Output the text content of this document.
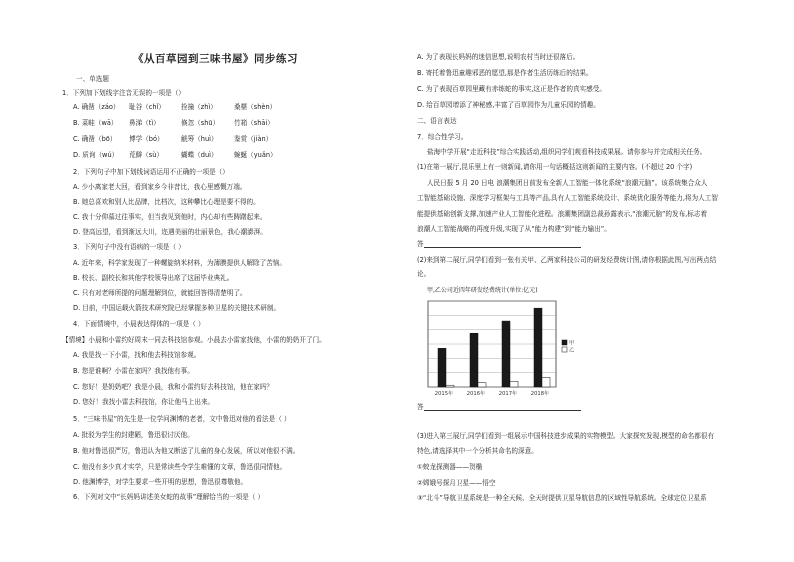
《从百草园到三味书屋》同步练习
一、单选题
1．下列加下划线字注音无误的一项是（）
A. 确凿（záo） 耻谷（chǐ） 拴撞（zhì）	桑椹（shèn）
B. 菜畦（wā） 鼻涕（tì）	倏忽（shū） 竹箱（shāi）
C. 确凿（bō） 博学（bó）	觥筹（huì） 鉴赏（jiàn）
D. 质询（wú） 荒僻（sù）	蝴蝶（duì） 蜿蜒（yuǎn）
2．下列句子中加下划线词语运用不正确的一项是（）
A. 少小离家老大回，看到家乡今非昔比，我心里感慨万端。
B. 她总喜欢和别人比品牌，比档次，这种攀比心理是要不得的。
C. 我十分仰慕过往事实，但当我见到他时，内心却有些踌躇起来。
D. 登高远望，看到渐远大川，迩遇美丽的壮丽景色，我心潮澎湃。
3．下列句子中没有语病的一项是（ ）
A. 近年来，科学家发现了一种螺旋纳米材料，为薄膜提供人解除了苦恼。
B. 校长、副校长和其他学校领导出席了这届毕业典礼。
C. 只有对老师所提的问题理解到位，就能回答得清楚明了。
D. 目前，中国运载火箭技术研究院已经掌握多种卫星的关键技术研制。
4．下面情境中，小晨表达得体的一项是（ ）
【情境】小晨和小雷约好周末一同去科技馆参观。小晨去小雷家找他，小雷的奶奶开了门。
A. 我是找一下小雷，找和他去科技馆参观。
B. 您是谁啊？小雷在家吗？我找他有事。
C. 您好！是奶奶吧？我是小晨，我和小雷约好去科技馆，他在家吗？
D. 您好！我找小雷去科技馆，你让他马上出来。
5．“三味书屋”的先生是一位学问渊博的老者，文中鲁迅对他的看法是（ ）
A. 批驳为学生的封建陋，鲁迅很讨厌他。
B. 他对鲁迅很严厉，鲁迅认为他又断送了儿童的身心发展，所以对他很不满。
C. 他没有多少真才实学，只是常读些令学生难懂的文章，鲁迅很同情他。
D. 他渊博学，对学生要求一些开明的思想，鲁迅很尊敬他。
6．下列对文中“长妈妈讲述美女蛇的故事”理解恰当的一项是（ ）
A. 为了表现长妈妈的迷信思想,说明农村当时还很落后。
B. 寄托着鲁迅童趣邪恶的愿望,那是作者生活历练后的结果。
C. 为了表现百草园里藏有赤练蛇的事实,这正是作者的真实感受。
D. 给百草园增添了神秘感,丰富了百草园作为儿童乐园的情趣。
二、语言表达
7．综合性学习。
盐海中学开展“走近科技”综合实践活动,组织同学们观看科技成果展。请你参与并完成相关任务。
(1)在第一展厅,昆乐里上有一则新闻,请你用一句话概括这则新闻的主要内容。(不超过 20 个字)
人民日报 5 月 20 日电 浪潮集团日前发布全新人工智能一体化系统“浪潮元脑”。该系统集合众人
工智能基础设施、深度学习框架与工具等产品,具有人工智能系统设计、系统优化服务等能力,将为人工智
能提供基础创新支撑,加速产业人工智能化进程。浪潮集团副总裁孙露表示,“浪潮元脑”的发布,标志着
浪潮人工智能战略的再度升级,实现了从“能力构建”到“能力输出”。
答
(2)来到第二展厅,同学们看到一张有关甲、乙两家科技公司的研发经费统计图,请你根据此图,写出两点结
论。
甲,乙公司近四年研发经费统计(单位:亿元)
2015年	2016年	2017年	2018年
甲
乙
答
(3)进入第三展厅,同学们看到一组展示中国科技进步成果的实物模型。大家探究发现,模型的命名都很有
特色,请选择其中一个分析其命名的深意。
①蛟龙探测器——贺椭
②嫦娥号探月卫星——悟空
③“北斗”导航卫星系统是一种全天候、全天时提供卫星导航信息的区域性导航系统。全球定位卫星系
